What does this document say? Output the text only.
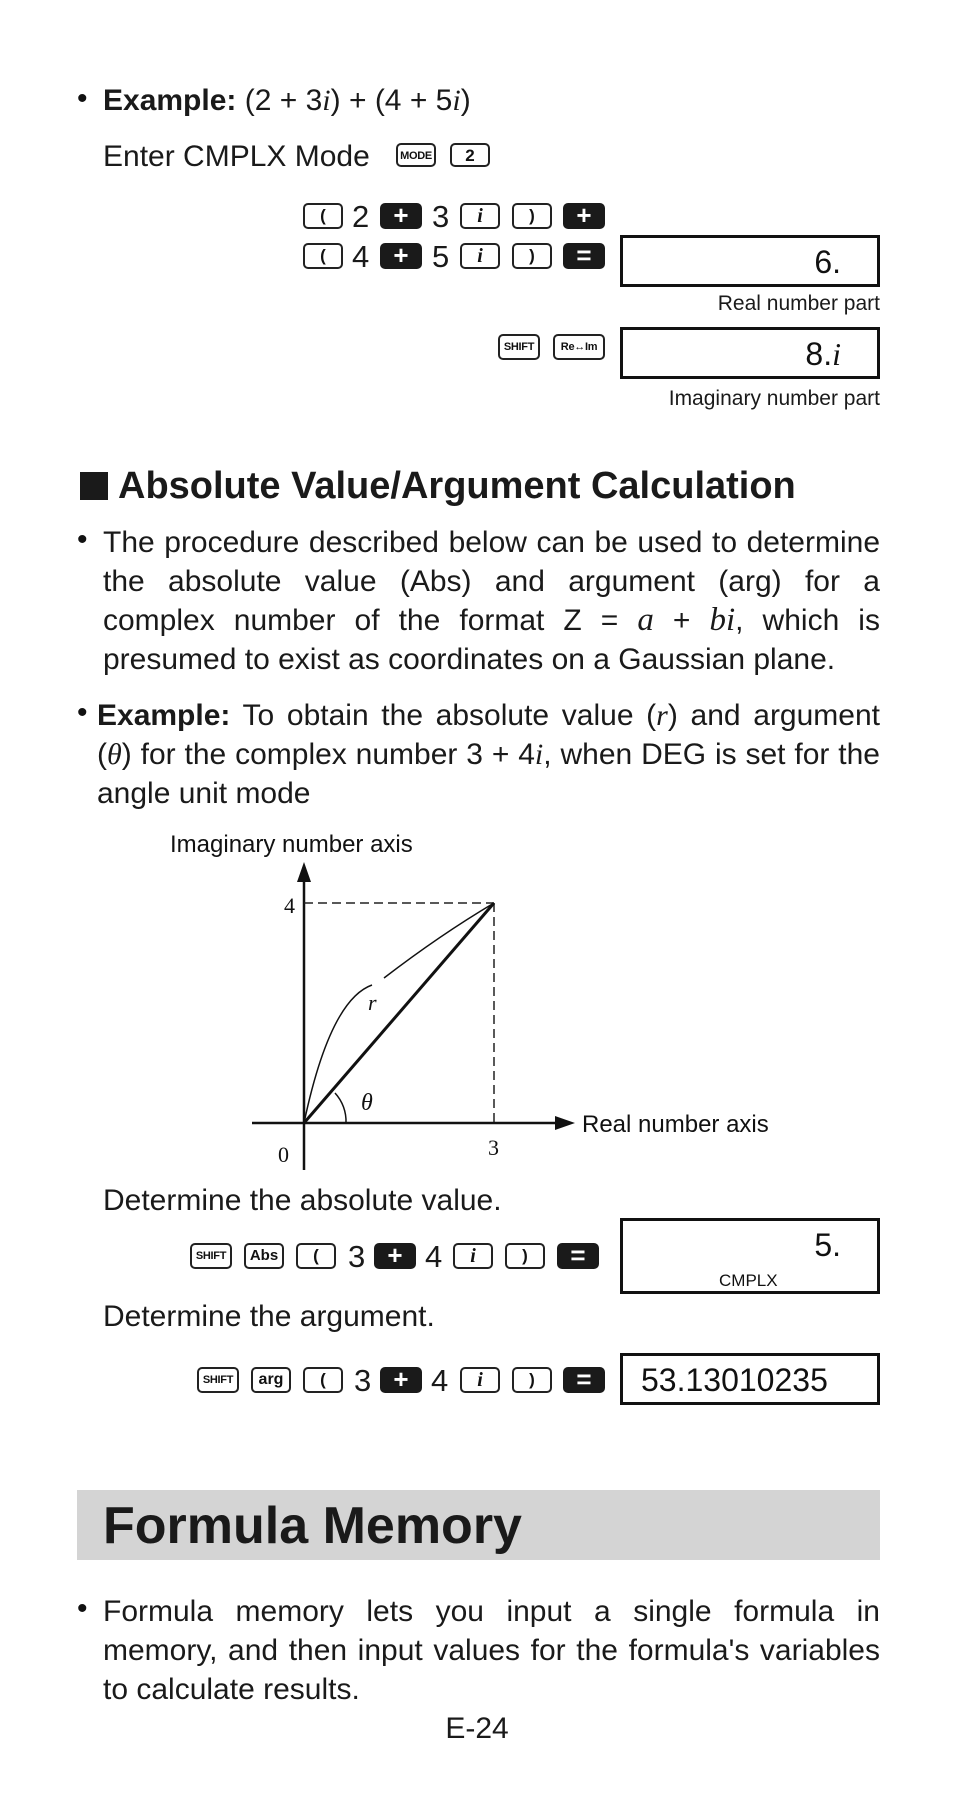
• Example: (2 + 3i) + (4 + 5i)
Enter CMPLX Mode	MODE	2
( 2 + 3	i	)	+
( 4 + 5	i	)	=	6.
Real number part
SHIFT	Re↔Im	8.i
Imaginary number part
Absolute Value/Argument Calculation
• The procedure described below can be used to determine the absolute value (Abs) and argument (arg) for a complex number of the format Z = a + bi, which is presumed to exist as coordinates on a Gaussian plane.
• Example: To obtain the absolute value (r) and argument (θ) for the complex number 3 + 4i, when DEG is set for the angle unit mode
Imaginary number axis
Real number axis
4
3
0
r
θ
Determine the absolute value.
SHIFT	Abs	( 3 + 4	i	)	=	5.
CMPLX
Determine the argument.
SHIFT	arg	( 3 + 4	i	)	=	53.13010235
Formula Memory
• Formula memory lets you input a single formula in memory, and then input values for the formula's variables to calculate results.
E-24
